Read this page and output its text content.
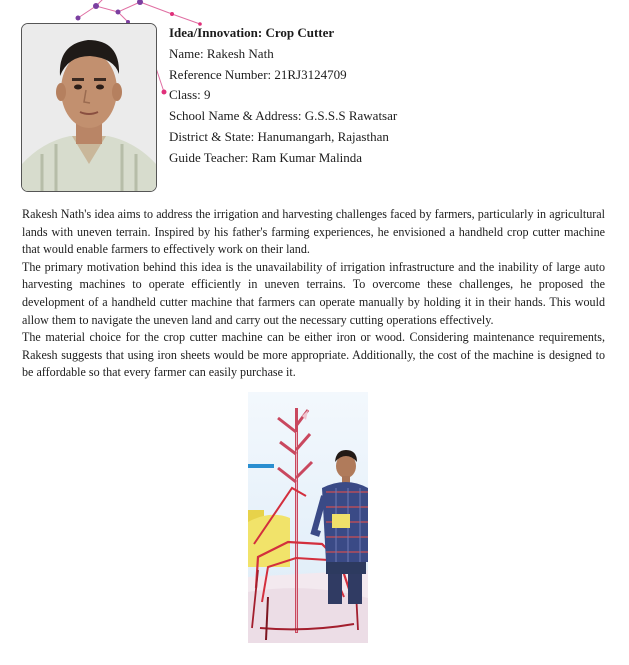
Idea/Innovation: Crop Cutter
Name: Rakesh Nath
Reference Number: 21RJ3124709
Class: 9
School Name & Address: G.S.S.S Rawatsar
District & State: Hanumangarh, Rajasthan
Guide Teacher: Ram Kumar Malinda

Rakesh Nath's idea aims to address the irrigation and harvesting challenges faced by farmers, particularly in agricultural lands with uneven terrain. Inspired by his father's farming experiences, he envisioned a handheld crop cutter machine that would enable farmers to effectively work on their land.

The primary motivation behind this idea is the unavailability of irrigation infrastructure and the inability of large auto harvesting machines to operate efficiently in uneven terrains. To overcome these challenges, he proposed the development of a handheld cutter machine that farmers can operate manually by holding it in their hands. This would allow them to navigate the uneven land and carry out the necessary cutting operations effectively.

The material choice for the crop cutter machine can be either iron or wood. Considering maintenance requirements, Rakesh suggests that using iron sheets would be more appropriate. Additionally, the cost of the machine is designed to be affordable so that every farmer can easily purchase it.
